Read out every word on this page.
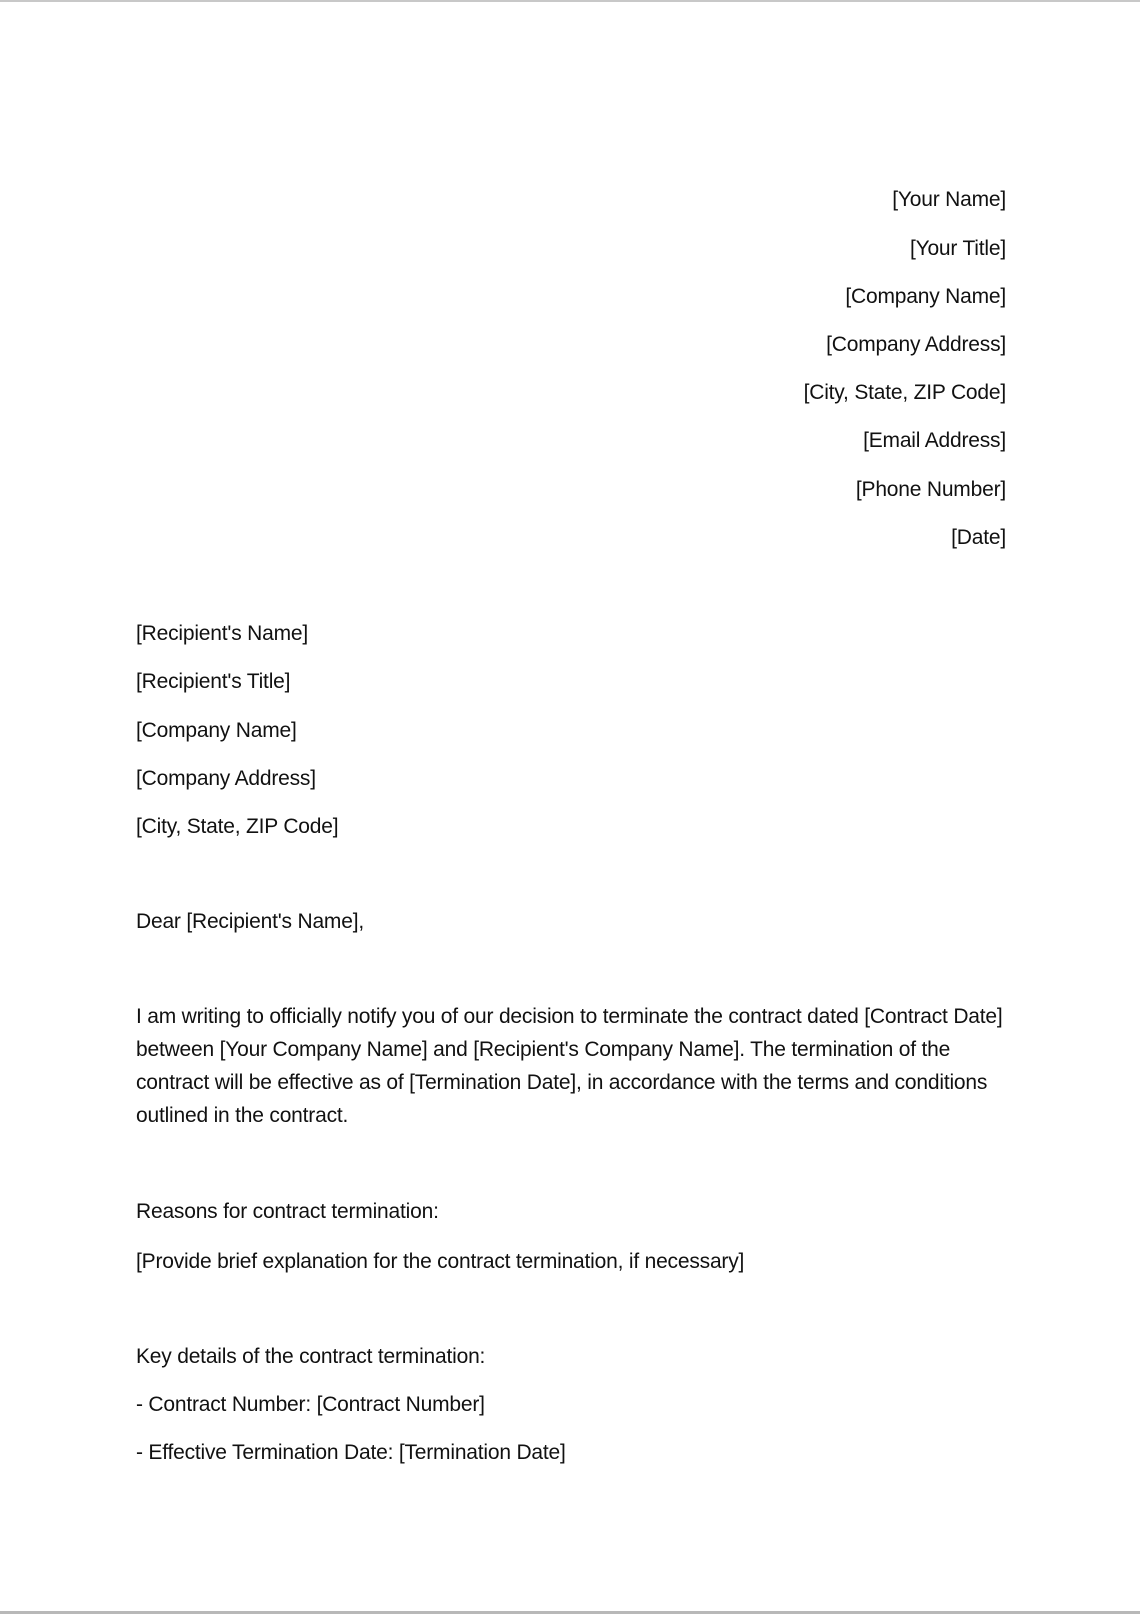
[Your Name]
[Your Title]
[Company Name]
[Company Address]
[City, State, ZIP Code]
[Email Address]
[Phone Number]
[Date]
[Recipient's Name]
[Recipient's Title]
[Company Name]
[Company Address]
[City, State, ZIP Code]
Dear [Recipient's Name],
I am writing to officially notify you of our decision to terminate the contract dated [Contract Date] between [Your Company Name] and [Recipient's Company Name]. The termination of the contract will be effective as of [Termination Date], in accordance with the terms and conditions outlined in the contract.
Reasons for contract termination:
[Provide brief explanation for the contract termination, if necessary]
Key details of the contract termination:
- Contract Number: [Contract Number]
- Effective Termination Date: [Termination Date]
